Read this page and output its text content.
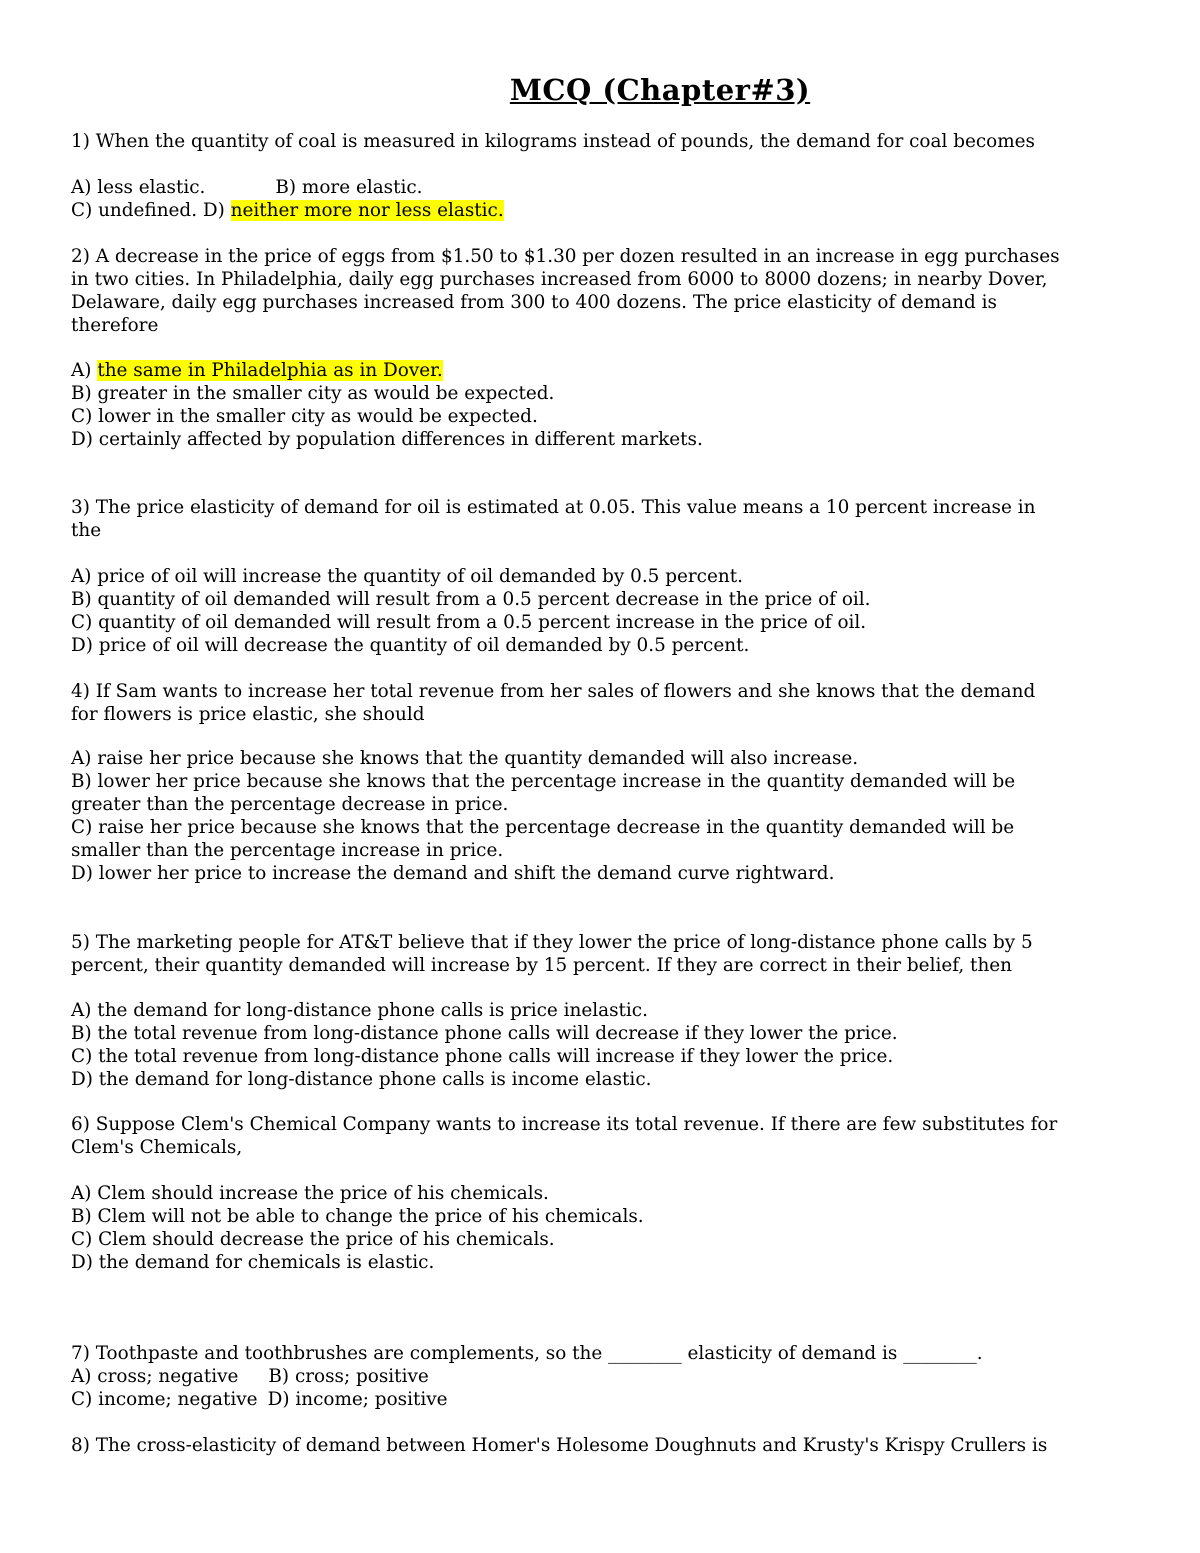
MCQ (Chapter#3)
1) When the quantity of coal is measured in kilograms instead of pounds, the demand for coal becomes
A) less elastic.	B) more elastic.
C) undefined. D) neither more nor less elastic.
2) A decrease in the price of eggs from $1.50 to $1.30 per dozen resulted in an increase in egg purchases
in two cities. In Philadelphia, daily egg purchases increased from 6000 to 8000 dozens; in nearby Dover,
Delaware, daily egg purchases increased from 300 to 400 dozens. The price elasticity of demand is
therefore
A) the same in Philadelphia as in Dover.
B) greater in the smaller city as would be expected.
C) lower in the smaller city as would be expected.
D) certainly affected by population differences in different markets.
3) The price elasticity of demand for oil is estimated at 0.05. This value means a 10 percent increase in
the
A) price of oil will increase the quantity of oil demanded by 0.5 percent.
B) quantity of oil demanded will result from a 0.5 percent decrease in the price of oil.
C) quantity of oil demanded will result from a 0.5 percent increase in the price of oil.
D) price of oil will decrease the quantity of oil demanded by 0.5 percent.
4) If Sam wants to increase her total revenue from her sales of flowers and she knows that the demand
for flowers is price elastic, she should
A) raise her price because she knows that the quantity demanded will also increase.
B) lower her price because she knows that the percentage increase in the quantity demanded will be
greater than the percentage decrease in price.
C) raise her price because she knows that the percentage decrease in the quantity demanded will be
smaller than the percentage increase in price.
D) lower her price to increase the demand and shift the demand curve rightward.
5) The marketing people for AT&T believe that if they lower the price of long-distance phone calls by 5
percent, their quantity demanded will increase by 15 percent. If they are correct in their belief, then
A) the demand for long-distance phone calls is price inelastic.
B) the total revenue from long-distance phone calls will decrease if they lower the price.
C) the total revenue from long-distance phone calls will increase if they lower the price.
D) the demand for long-distance phone calls is income elastic.
6) Suppose Clem's Chemical Company wants to increase its total revenue. If there are few substitutes for
Clem's Chemicals,
A) Clem should increase the price of his chemicals.
B) Clem will not be able to change the price of his chemicals.
C) Clem should decrease the price of his chemicals.
D) the demand for chemicals is elastic.
7) Toothpaste and toothbrushes are complements, so the ________ elasticity of demand is ________.
A) cross; negative B) cross; positive
C) income; negative D) income; positive
8) The cross-elasticity of demand between Homer's Holesome Doughnuts and Krusty's Krispy Crullers is
